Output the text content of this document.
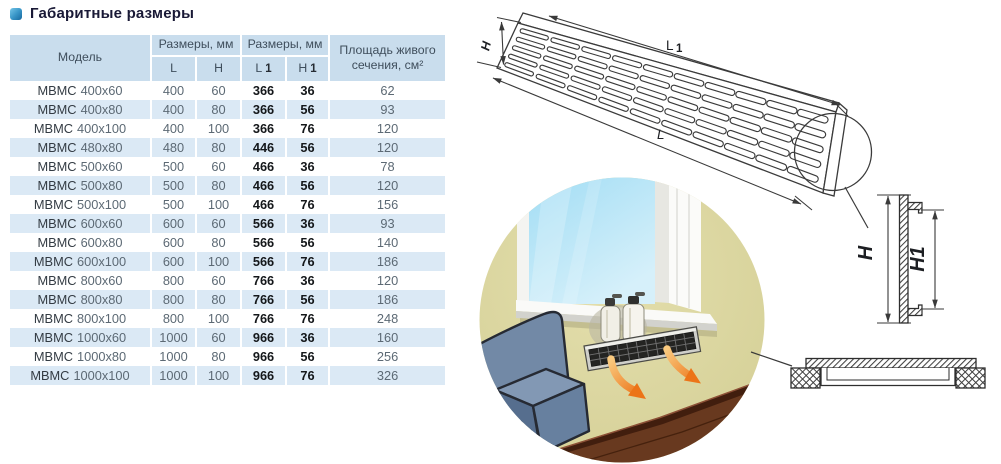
Габаритные размеры
Модель	Размеры, мм		Размеры, мм		Площадь живого сечения, см²
	L	H	L 1	H 1	
МВМС 400x60	400	60	366	36	62
МВМС 400x80	400	80	366	56	93
МВМС 400x100	400	100	366	76	120
МВМС 480x80	480	80	446	56	120
МВМС 500x60	500	60	466	36	78
МВМС 500x80	500	80	466	56	120
МВМС 500x100	500	100	466	76	156
МВМС 600x60	600	60	566	36	93
МВМС 600x80	600	80	566	56	140
МВМС 600x100	600	100	566	76	186
МВМС 800x60	800	60	766	36	120
МВМС 800x80	800	80	766	56	186
МВМС 800x100	800	100	766	76	248
МВМС 1000x60	1000	60	966	36	160
МВМС 1000x80	1000	80	966	56	256
МВМС 1000x100	1000	100	966	76	326
H	L 1
L
H H1
